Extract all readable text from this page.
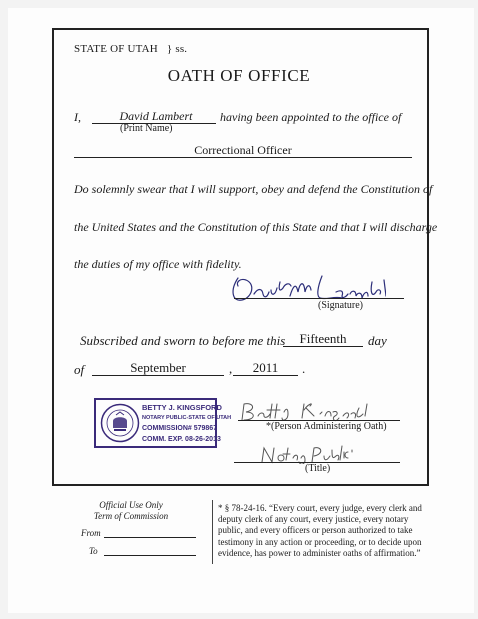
STATE OF UTAH } ss.
OATH OF OFFICE
I,	David Lambert	having been appointed to the office of
(Print Name)
Correctional Officer
Do solemnly swear that I will support, obey and defend the Constitution of
the United States and the Constitution of this State and that I will discharge
the duties of my office with fidelity.
(Signature)
Subscribed and sworn to before me this	Fifteenth	day
of	September	,	2011	.
BETTY J. KINGSFORD
NOTARY PUBLIC-STATE OF UTAH
COMMISSION# 579867
COMM. EXP. 08-26-2013
*(Person Administering Oath)
(Title)
Official Use Only
Term of Commission
From
To
* § 78-24-16. “Every court, every judge, every clerk and deputy clerk of any court, every justice, every notary public, and every officers or person authorized to take testimony in any action or proceeding, or to decide upon evidence, has power to administer oaths of affirmation.”
